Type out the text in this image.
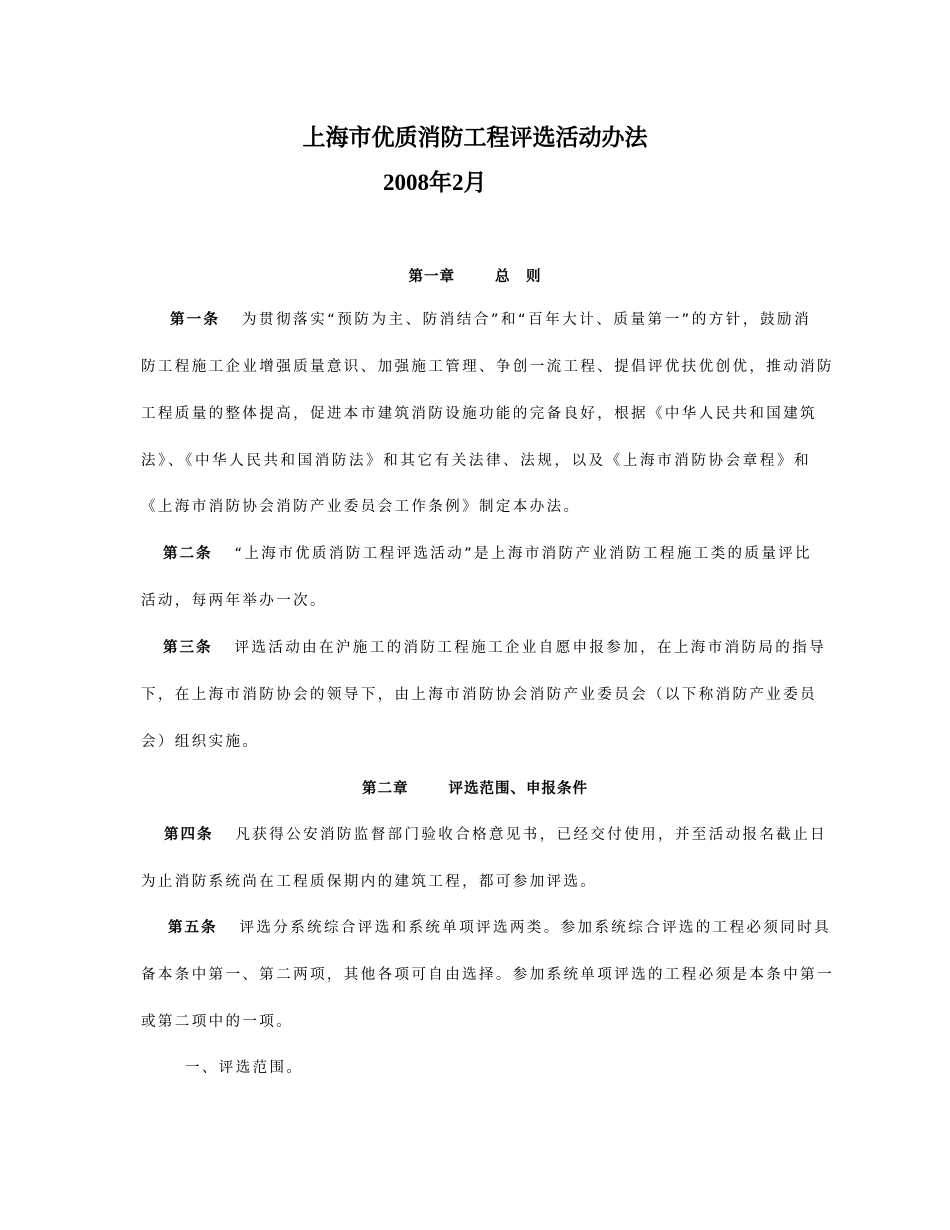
上海市优质消防工程评选活动办法
2008年2月
第一章	总　则
第一条 为贯彻落实“预防为主、防消结合”和“百年大计、质量第一”的方针，鼓励消
防工程施工企业增强质量意识、加强施工管理、争创一流工程、提倡评优扶优创优，推动消防
工程质量的整体提高，促进本市建筑消防设施功能的完备良好，根据《中华人民共和国建筑
法》、《中华人民共和国消防法》和其它有关法律、法规，以及《上海市消防协会章程》和
《上海市消防协会消防产业委员会工作条例》制定本办法。
第二条 “上海市优质消防工程评选活动”是上海市消防产业消防工程施工类的质量评比
活动，每两年举办一次。
第三条 评选活动由在沪施工的消防工程施工企业自愿申报参加，在上海市消防局的指导
下，在上海市消防协会的领导下，由上海市消防协会消防产业委员会（以下称消防产业委员
会）组织实施。
第二章	评选范围、申报条件
第四条 凡获得公安消防监督部门验收合格意见书，已经交付使用，并至活动报名截止日
为止消防系统尚在工程质保期内的建筑工程，都可参加评选。
第五条 评选分系统综合评选和系统单项评选两类。参加系统综合评选的工程必须同时具
备本条中第一、第二两项，其他各项可自由选择。参加系统单项评选的工程必须是本条中第一
或第二项中的一项。
一、评选范围。
